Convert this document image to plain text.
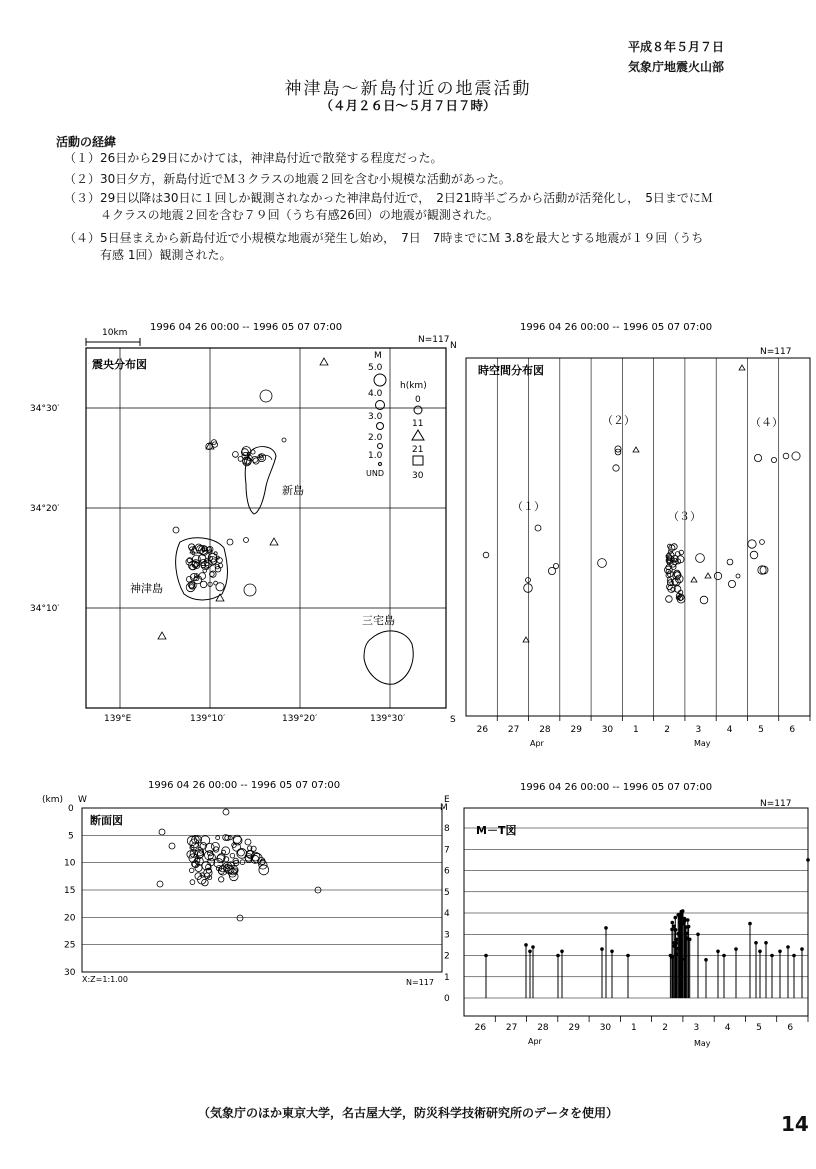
平成８年５月７日
気象庁地震火山部
神津島～新島付近の地震活動
（４月２６日～５月７日７時）
活動の経緯
（１）26日から29日にかけては，神津島付近で散発する程度だった。
（２）30日夕方，新島付近でＭ３クラスの地震２回を含む小規模な活動があった。
（３）29日以降は30日に１回しか観測されなかった神津島付近で，　2日21時半ごろから活動が活発化し，　5日までにＭ
４クラスの地震２回を含む７９回（うち有感26回）の地震が観測された。
（４）5日昼まえから新島付近で小規模な地震が発生し始め，　7日　7時までにＭ 3.8を最大とする地震が１９回（うち
有感 1回）観測された。
1996 04 26 00:00 -- 1996 05 07 07:00
N=117
10km
震央分布図
34°30′
34°20′
34°10′
139°E	139°10′	139°20′	139°30′
新島
神津島
三宅島
M
5.0
4.0
3.0
2.0
1.0
UND
h(km)
0
11
21
30
1996 04 26 00:00 -- 1996 05 07 07:00
N=117
N
S
時空間分布図
（１）
（２）
（３）
（４）
26 27 28 29 30 1	2	3	4	5	6
Apr	May
1996 04 26 00:00 -- 1996 05 07 07:00
(km) W	E
0
5
10
15
20
25
30
断面図
X:Z=1:1.00	N=117
1996 04 26 00:00 -- 1996 05 07 07:00
N=117
M
0
1
2
3
4
5
6
7
8 M－T図
26 27 28 29 30 1	2	3	4	5	6
Apr	May
（気象庁のほか東京大学，名古屋大学，防災科学技術研究所のデータを使用）	14
